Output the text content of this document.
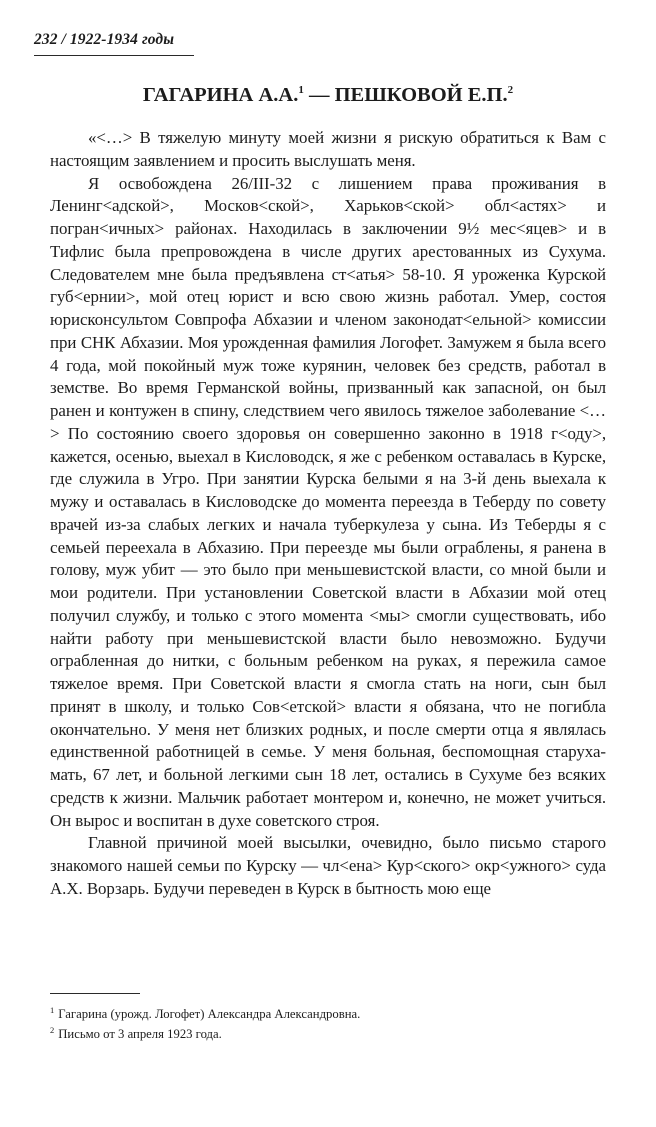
232 / 1922-1934 годы
ГАГАРИНА А.А.$^1$ — ПЕШКОВОЙ Е.П.$^2$

«<…> В тяжелую минуту моей жизни я рискую обратиться к Вам с настоящим заявлением и просить выслушать меня.

Я освобождена 26/III-32 с лишением права проживания в Ленинг<адской>, Москов<ской>, Харьков<ской> обл<астях> и погран<ичных> районах. Находилась в заключении 9½ мес<яцев> и в Тифлис была препровождена в числе других арестованных из Сухума. Следователем мне была предъявлена ст<атья> 58-10. Я уроженка Курской губ<ернии>, мой отец юрист и всю свою жизнь работал. Умер, состоя юрисконсультом Совпрофа Абхазии и членом законодат<ельной> комиссии при СНК Абхазии. Моя урожденная фамилия Логофет. Замужем я была всего 4 года, мой покойный муж тоже курянин, человек без средств, работал в земстве. Во время Германской войны, призванный как запасной, он был ранен и контужен в спину, следствием чего явилось тяжелое заболевание <…> По состоянию своего здоровья он совершенно законно в 1918 г<оду>, кажется, осенью, выехал в Кисловодск, я же с ребенком оставалась в Курске, где служила в Угро. При занятии Курска белыми я на 3-й день выехала к мужу и оставалась в Кисловодске до момента переезда в Теберду по совету врачей из-за слабых легких и начала туберкулеза у сына. Из Теберды я с семьей переехала в Абхазию. При переезде мы были ограблены, я ранена в голову, муж убит — это было при меньшевистской власти, со мной были и мои родители. При установлении Советской власти в Абхазии мой отец получил службу, и только с этого момента <мы> смогли существовать, ибо найти работу при меньшевистской власти было невозможно. Будучи ограбленная до нитки, с больным ребенком на руках, я пережила самое тяжелое время. При Советской власти я смогла стать на ноги, сын был принят в школу, и только Сов<етской> власти я обязана, что не погибла окончательно. У меня нет близких родных, и после смерти отца я являлась единственной работницей в семье. У меня больная, беспомощная старуха-мать, 67 лет, и больной легкими сын 18 лет, остались в Сухуме без всяких средств к жизни. Мальчик работает монтером и, конечно, не может учиться. Он вырос и воспитан в духе советского строя.

Главной причиной моей высылки, очевидно, было письмо старого знакомого нашей семьи по Курску — чл<ена> Кур<ского> окр<ужного> суда А.Х. Ворзарь. Будучи переведен в Курск в бытность мою еще

$^1$ Гагарина (урожд. Логофет) Александра Александровна.
$^2$ Письмо от 3 апреля 1923 года.
